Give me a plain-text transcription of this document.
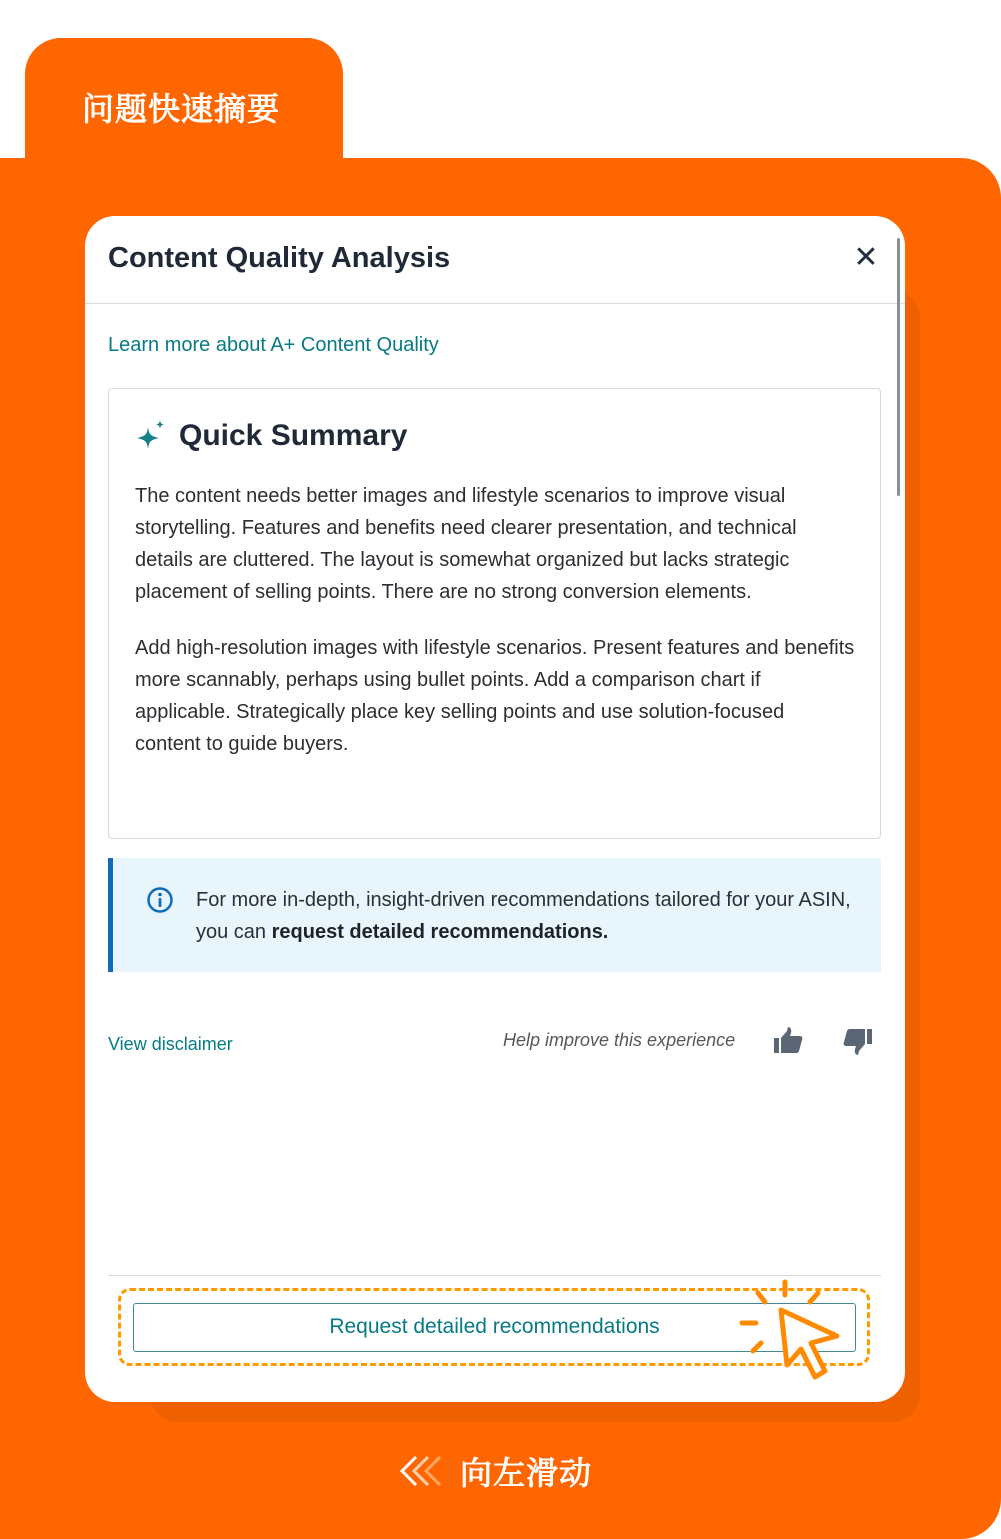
问题快速摘要
Content Quality Analysis	✕
Learn more about A+ Content Quality
Quick Summary

The content needs better images and lifestyle scenarios to improve visual storytelling. Features and benefits need clearer presentation, and technical details are cluttered. The layout is somewhat organized but lacks strategic placement of selling points. There are no strong conversion elements.

Add high-resolution images with lifestyle scenarios. Present features and benefits more scannably, perhaps using bullet points. Add a comparison chart if applicable. Strategically place key selling points and use solution-focused content to guide buyers.

For more in-depth, insight-driven recommendations tailored for your ASIN, you can request detailed recommendations.
View disclaimer	Help improve this experience
Request detailed recommendations
向左滑动
